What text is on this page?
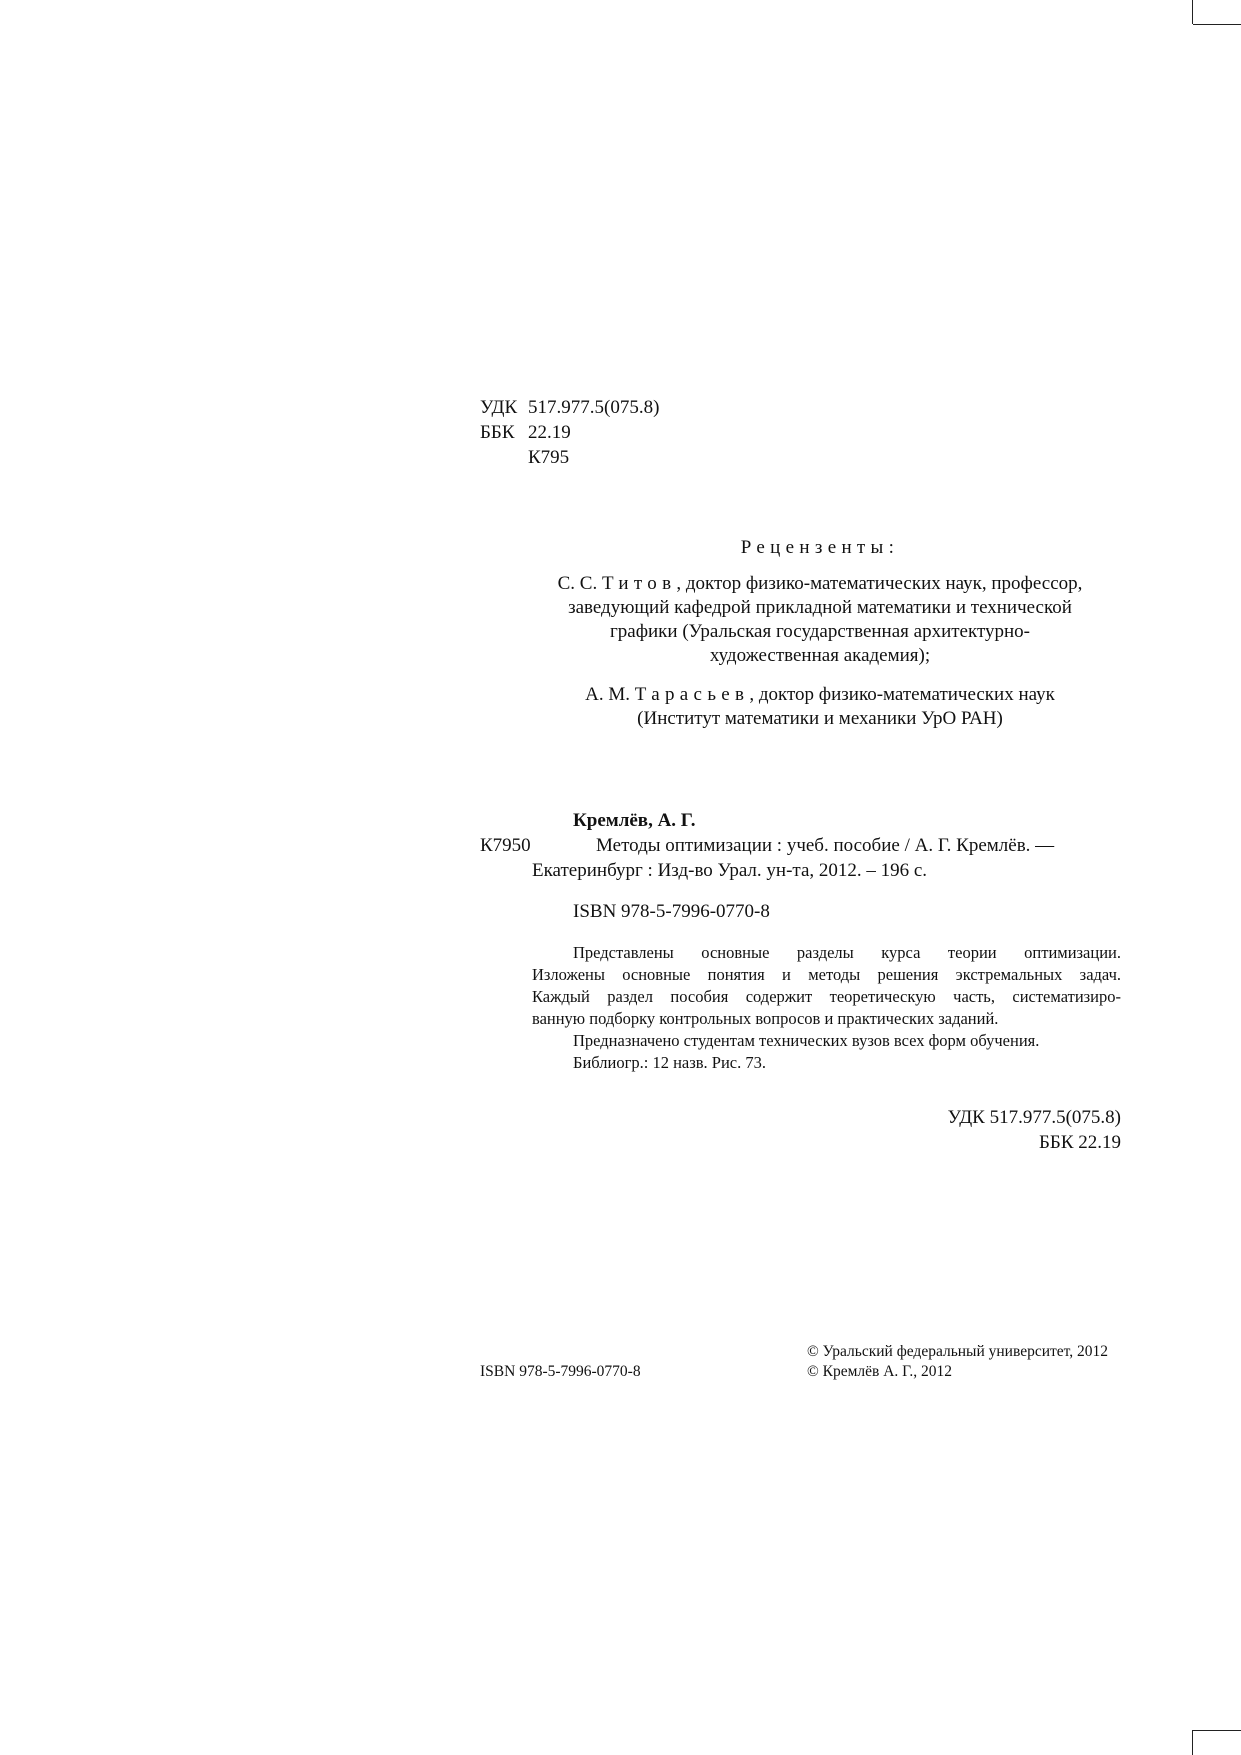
УДК 517.977.5(075.8)
ББК 22.19
К795
Рецензенты:
С. С. Титов, доктор физико-математических наук, профессор,
заведующий кафедрой прикладной математики и технической
графики (Уральская государственная архитектурно-
художественная академия);
А. М. Тарасьев, доктор физико-математических наук
(Институт математики и механики УрО РАН)
Кремлёв, А. Г.
К7950	Методы оптимизации : учеб. пособие / А. Г. Кремлёв. —
Екатеринбург : Изд-во Урал. ун-та, 2012. – 196 с.
ISBN 978-5-7996-0770-8
Представлены основные разделы курса теории оптимизации.
Изложены основные понятия и методы решения экстремальных задач.
Каждый раздел пособия содержит теоретическую часть, систематизиро-
ванную подборку контрольных вопросов и практических заданий.
Предназначено студентам технических вузов всех форм обучения.
Библиогр.: 12 назв. Рис. 73.
УДК 517.977.5(075.8)
ББК 22.19
ISBN 978-5-7996-0770-8
© Уральский федеральный университет, 2012
© Кремлёв А. Г., 2012
